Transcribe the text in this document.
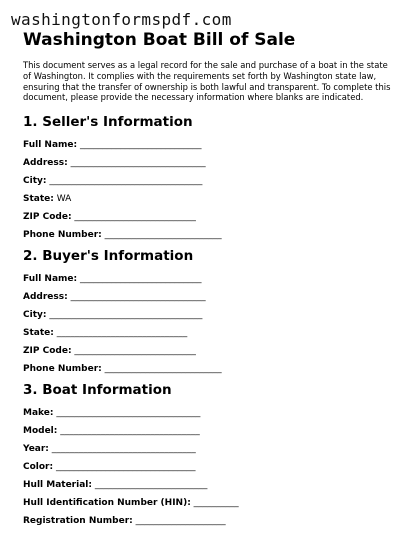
washingtonformspdf.com
Washington Boat Bill of Sale

This document serves as a legal record for the sale and purchase of a boat in the state of Washington. It complies with the requirements set forth by Washington state law, ensuring that the transfer of ownership is both lawful and transparent. To complete this document, please provide the necessary information where blanks are indicated.

1. Seller's Information
Full Name:
___________________________
Address:
______________________________
City:
__________________________________
State:
WA
ZIP Code:
___________________________
Phone Number:
__________________________
2. Buyer's Information
Full Name:
___________________________
Address:
______________________________
City:
__________________________________
State:
_____________________________
ZIP Code:
___________________________
Phone Number:
__________________________
3. Boat Information
Make:
________________________________
Model:
_______________________________
Year:
________________________________
Color:
_______________________________
Hull Material:
_________________________
Hull Identification Number (HIN):
__________
Registration Number:
____________________
